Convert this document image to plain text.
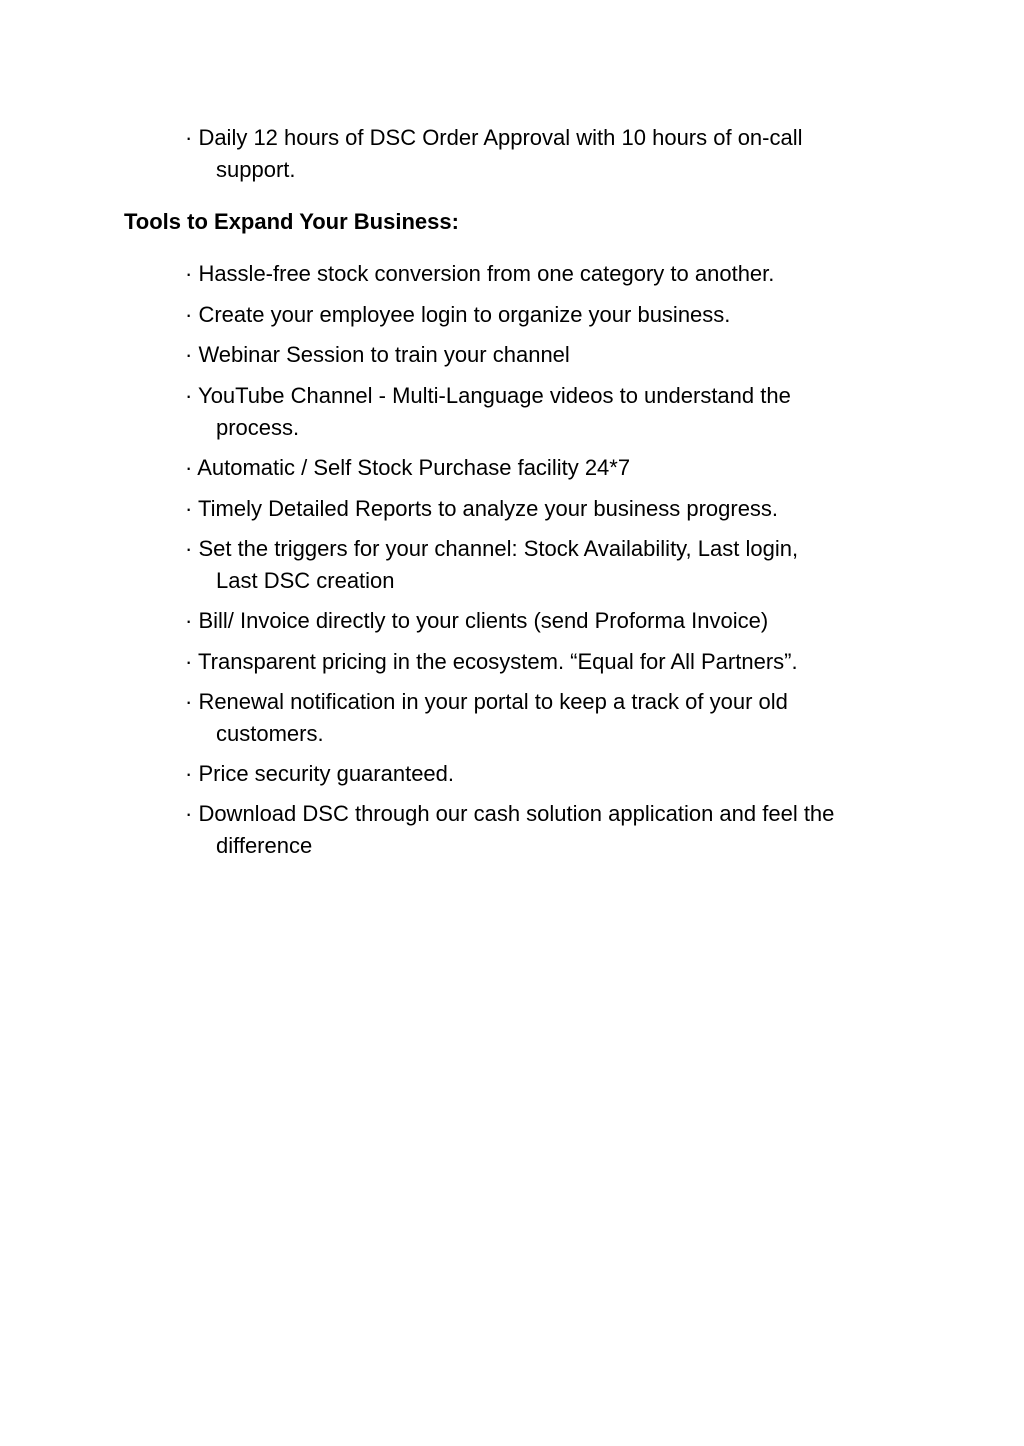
· Daily 12 hours of DSC Order Approval with 10 hours of on-call

support.

Tools to Expand Your Business:

· Hassle-free stock conversion from one category to another.

· Create your employee login to organize your business.

· Webinar Session to train your channel

· YouTube Channel - Multi-Language videos to understand the

process.

· Automatic / Self Stock Purchase facility 24*7

· Timely Detailed Reports to analyze your business progress.

· Set the triggers for your channel: Stock Availability, Last login,

Last DSC creation

· Bill/ Invoice directly to your clients (send Proforma Invoice)

· Transparent pricing in the ecosystem. “Equal for All Partners”.

· Renewal notification in your portal to keep a track of your old

customers.

· Price security guaranteed.

· Download DSC through our cash solution application and feel the

difference
